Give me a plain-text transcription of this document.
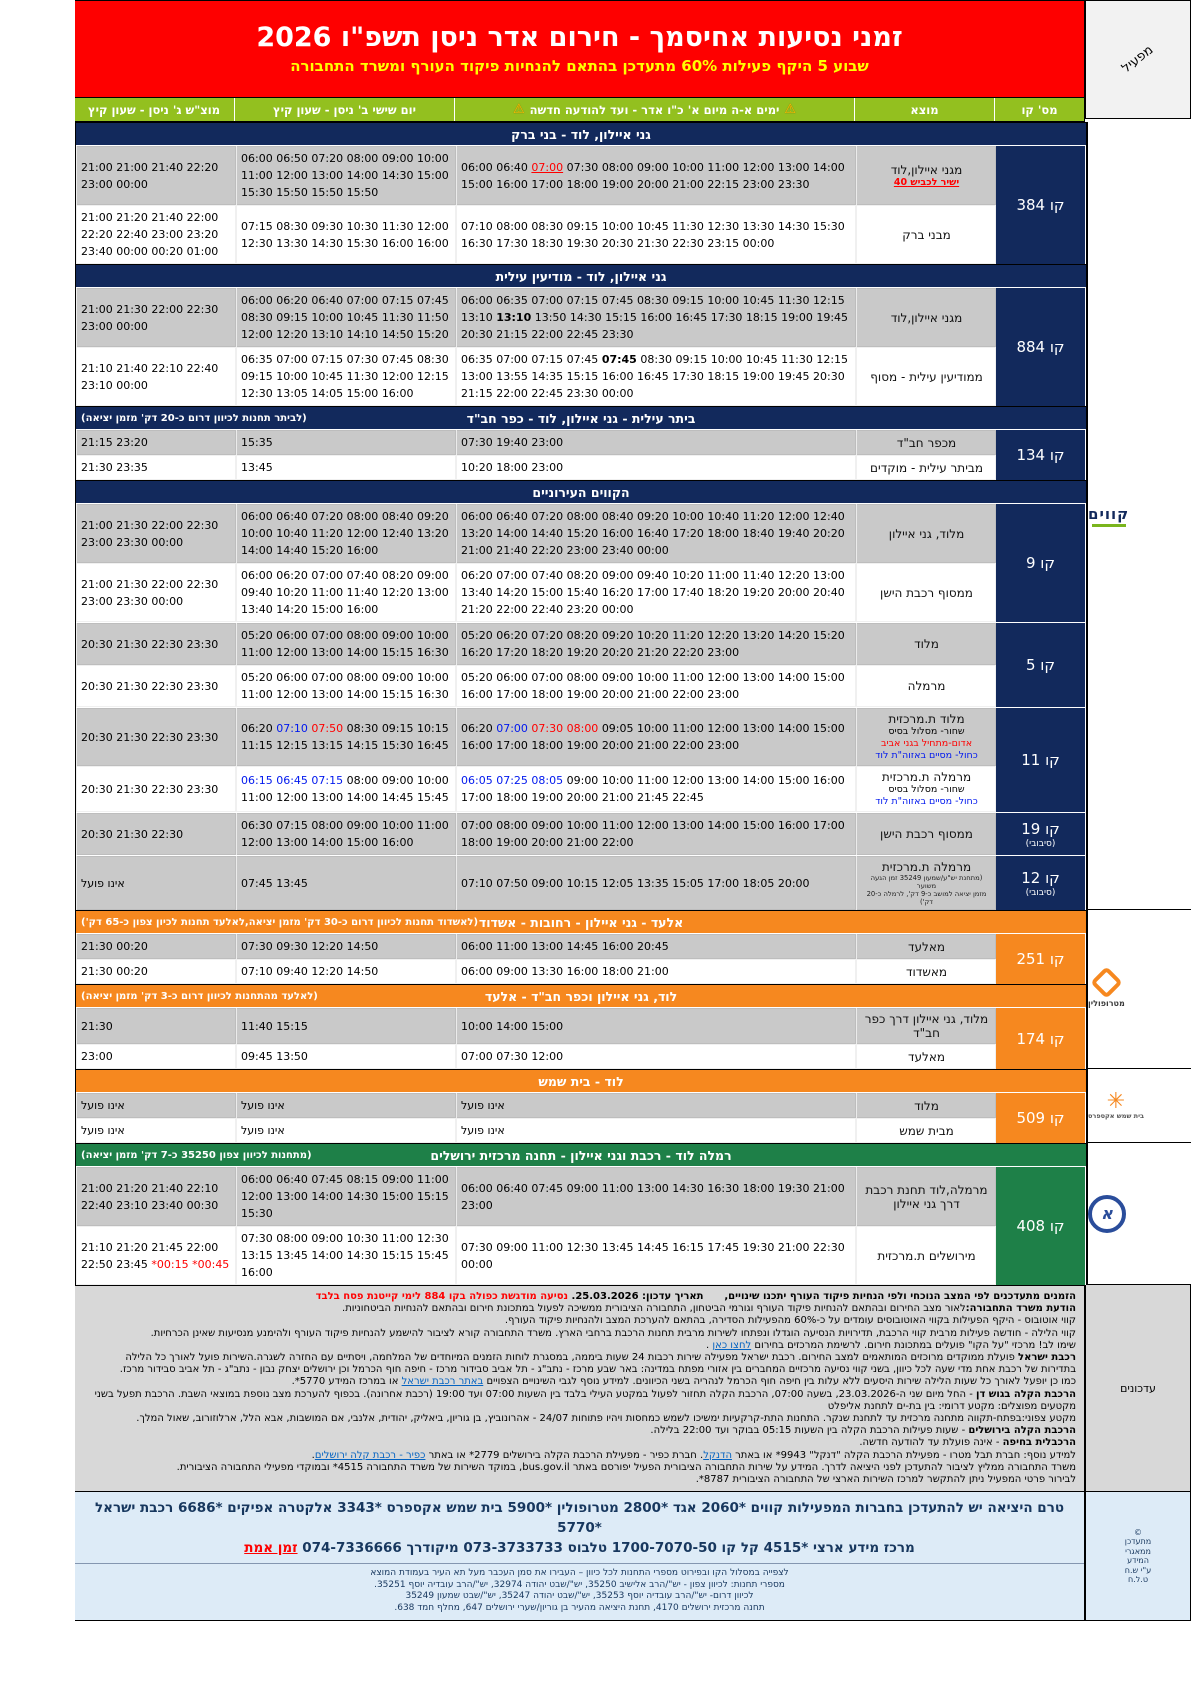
זמני נסיעות אחיסמך - חירום אדר ניסן תשפ"ו 2026
שבוע 5 היקף פעילות 60% מתעדכן בהתאם להנחיות פיקוד העורף ומשרד התחבורה
מס' קו
מוצא
⚠
ימים א-ה מיום א' כ"ו אדר - ועד להודעה חדשה
⚠
יום שישי ב' ניסן - שעון קיץ
מוצ"ש ג' ניסן - שעון קיץ
מפעיל
גני איילון, לוד - בני ברק
קו 384
מגני איילון,לוד
ישיר לכביש 40
06:00 06:40 07:00 07:30 08:00 09:00 10:00 11:00 12:00 13:00 14:00 15:00 16:00 17:00 18:00 19:00 20:00 21:00 22:15 23:00 23:30
06:00 06:50 07:20 08:00 09:00 10:00 11:00 12:00 13:00 14:00 14:30 15:00 15:30 15:50 15:50 15:50
21:00 21:00 21:40 22:20 23:00 00:00
מבני ברק
07:10 08:00 08:30 09:15 10:00 10:45 11:30 12:30 13:30 14:30 15:30 16:30 17:30 18:30 19:30 20:30 21:30 22:30 23:15 00:00
07:15 08:30 09:30 10:30 11:30 12:00 12:30 13:30 14:30 15:30 16:00 16:00
21:00 21:20 21:40 22:00 22:20 22:40 23:00 23:20 23:40 00:00 00:20 01:00
גני איילון, לוד - מודיעין עילית
קו 884
מגני איילון,לוד
06:00 06:35 07:00 07:15 07:45 08:30 09:15 10:00 10:45 11:30 12:15 13:10 13:10 13:50 14:30 15:15 16:00 16:45 17:30 18:15 19:00 19:45 20:30 21:15 22:00 22:45 23:30
06:00 06:20 06:40 07:00 07:15 07:45 08:30 09:15 10:00 10:45 11:30 11:50 12:00 12:20 13:10 14:10 14:50 15:20
21:00 21:30 22:00 22:30 23:00 00:00
ממודיעין עילית - מסוף
06:35 07:00 07:15 07:45 07:45 08:30 09:15 10:00 10:45 11:30 12:15 13:00 13:55 14:35 15:15 16:00 16:45 17:30 18:15 19:00 19:45 20:30 21:15 22:00 22:45 23:30 00:00
06:35 07:00 07:15 07:30 07:45 08:30 09:15 10:00 10:45 11:30 12:00 12:15 12:30 13:05 14:05 15:00 16:00
21:10 21:40 22:10 22:40 23:10 00:00
ביתר עילית - גני איילון, לוד - כפר חב"ד
(לביתר תחנות לכיוון דרום כ-20 דק' מזמן יציאה)
קו 134
מכפר חב"ד
07:30 19:40 23:00
15:35
21:15 23:20
מביתר עילית - מוקדים
10:20 18:00 23:00
13:45
21:30 23:35
הקווים העירוניים
קו 9
מלוד, גני איילון
06:00 06:40 07:20 08:00 08:40 09:20 10:00 10:40 11:20 12:00 12:40 13:20 14:00 14:40 15:20 16:00 16:40 17:20 18:00 18:40 19:40 20:20 21:00 21:40 22:20 23:00 23:40 00:00
06:00 06:40 07:20 08:00 08:40 09:20 10:00 10:40 11:20 12:00 12:40 13:20 14:00 14:40 15:20 16:00
21:00 21:30 22:00 22:30 23:00 23:30 00:00
ממסוף רכבת הישן
06:20 07:00 07:40 08:20 09:00 09:40 10:20 11:00 11:40 12:20 13:00 13:40 14:20 15:00 15:40 16:20 17:00 17:40 18:20 19:20 20:00 20:40 21:20 22:00 22:40 23:20 00:00
06:00 06:20 07:00 07:40 08:20 09:00 09:40 10:20 11:00 11:40 12:20 13:00 13:40 14:20 15:00 16:00
21:00 21:30 22:00 22:30 23:00 23:30 00:00
קו 5
מלוד
05:20 06:20 07:20 08:20 09:20 10:20 11:20 12:20 13:20 14:20 15:20 16:20 17:20 18:20 19:20 20:20 21:20 22:20 23:00
05:20 06:00 07:00 08:00 09:00 10:00 11:00 12:00 13:00 14:00 15:15 16:30
20:30 21:30 22:30 23:30
מרמלה
05:20 06:00 07:00 08:00 09:00 10:00 11:00 12:00 13:00 14:00 15:00 16:00 17:00 18:00 19:00 20:00 21:00 22:00 23:00
05:20 06:00 07:00 08:00 09:00 10:00 11:00 12:00 13:00 14:00 15:15 16:30
20:30 21:30 22:30 23:30
קו 11
מלוד ת.מרכזית
שחור- מסלול בסיס
אדום-מתחיל בגני אביב
כחול- מסיים באזוה"ת לוד
06:20 07:00 07:30 08:00 09:05 10:00 11:00 12:00 13:00 14:00 15:00 16:00 17:00 18:00 19:00 20:00 21:00 22:00 23:00
06:20 07:10 07:50 08:30 09:15 10:15 11:15 12:15 13:15 14:15 15:30 16:45
20:30 21:30 22:30 23:30
מרמלה ת.מרכזית
שחור- מסלול בסיס
כחול- מסיים באזוה"ת לוד
06:05 07:25 08:05 09:00 10:00 11:00 12:00 13:00 14:00 15:00 16:00 17:00 18:00 19:00 20:00 21:00 21:45 22:45
06:15 06:45 07:15 08:00 09:00 10:00 11:00 12:00 13:00 14:00 14:45 15:45
20:30 21:30 22:30 23:30
קו 19
(סיבובי)
ממסוף רכבת הישן
07:00 08:00 09:00 10:00 11:00 12:00 13:00 14:00 15:00 16:00 17:00 18:00 19:00 20:00 21:00 22:00
06:30 07:15 08:00 09:00 10:00 11:00 12:00 13:00 14:00 15:00 16:00
20:30 21:30 22:30
קו 12
(סיבובי)
מרמלה ת.מרכזית
(מתחנת יש"ע/שמעון 35249 זמן הגעה משוער
מזמן יציאה למושב כ-9 דק', לרמלה כ-20 דק')
07:10 07:50 09:00 10:15 12:05 13:35 15:05 17:00 18:05 20:00
07:45 13:45
אינו פועל
קווים
אלעד - גני איילון - רחובות - אשדוד
(לאשדוד תחנות לכיוון דרום כ-30 דק' מזמן יציאה,לאלעד תחנות לכיון צפון כ-65 דק')
קו 251
מאלעד
06:00 11:00 13:00 14:45 16:00 20:45
07:30 09:30 12:20 14:50
21:30 00:20
מאשדוד
06:00 09:00 13:30 16:00 18:00 21:00
07:10 09:40 12:20 14:50
21:30 00:20
לוד, גני איילון וכפר חב"ד - אלעד
(לאלעד מהתחנות לכיוון דרום כ-3 דק' מזמן יציאה)
קו 174
מלוד, גני איילון דרך כפר חב"ד
10:00 14:00 15:00
11:40 15:15
21:30
מאלעד
07:00 07:30 12:00
09:45 13:50
23:00
מטרופולין
לוד - בית שמש
קו 509
מלוד
אינו פועל
אינו פועל
אינו פועל
מבית שמש
אינו פועל
אינו פועל
אינו פועל
✳
בית שמש אקספרס
רמלה לוד - רכבת וגני איילון - תחנה מרכזית ירושלים
(מתחנות לכיוון צפון 35250 כ-7 דק' מזמן יציאה)
קו 408
מרמלה,לוד תחנת רכבת דרך גני איילון
06:00 06:40 07:45 09:00 11:00 13:00 14:30 16:30 18:00 19:30 21:00 23:00
06:00 06:40 07:45 08:15 09:00 11:00 12:00 13:00 14:00 14:30 15:00 15:15 15:30
21:00 21:20 21:40 22:10 22:40 23:10 23:40 00:30
מירושלים ת.מרכזית
07:30 09:00 11:00 12:30 13:45 14:45 16:15 17:45 19:30 21:00 22:30 00:00
07:30 08:00 09:00 10:30 11:00 12:30 13:15 13:45 14:00 14:30 15:15 15:45 16:00
21:10 21:20 21:45 22:00 22:50 23:45 *00:15 *00:45
א

הזמנים מתעדכנים לפי המצב הנוכחי ולפי הנחיות פיקוד העורף יתכנו שינויים,      תאריך עדכון: 25.03.2026. נסיעה מודגשת כפולה בקו 884 לימי קייטנת פסח בלבד

הודעת משרד התחבורה:לאור מצב החירום ובהתאם להנחיות פיקוד העורף וגורמי הביטחון, התחבורה הציבורית ממשיכה לפעול במתכונת חירום ובהתאם להנחיות הביטחוניות.

קווי אוטובוס - היקף הפעילות בקווי האוטובוסים עומדים על כ-60% מהפעילות הסדירה, בהתאם להערכת המצב ולהנחיות פיקוד העורף.

קווי הלילה - חודשה פעילות מרבית קווי הרכבת, תדירויות הנסיעה הוגדלו ונפתחו לשירות מרבית תחנות הרכבת ברחבי הארץ. משרד התחבורה קורא לציבור להישמע להנחיות פיקוד העורף ולהימנע מנסיעות שאינן הכרחיות.

שימו לב! מרכזי "על הקו" פועלים במתכונת חירום. לרשימת המרכזים בחירום לחצו כאן .

רכבת ישראל פועלת ממוקדים מרוכזים המותאמים למצב החירום. רכבת ישראל מפעילה שירות רכבות 24 שעות ביממה, במסגרת לוחות הזמנים המיוחדים של המלחמה, ויסתיים עם החזרה לשגרה.השירות פועל לאורך כל הלילה

בתדירות של רכבת אחת מדי שעה לכל כיוון, בשני קווי נסיעה מרכזיים המחברים בין אזורי מפתח במדינה: באר שבע מרכז - נתב"ג - תל אביב סבידור מרכז - חיפה חוף הכרמל וכן ירושלים יצחק נבון - נתב"ג - תל אביב סבידור מרכז.

כמו כן יופעל לאורך כל שעות הלילה שירות היסעים ללא עלות בין חיפה חוף הכרמל לנהריה בשני הכיוונים. למידע נוסף לגבי השינויים הצפויים באתר רכבת ישראל או במרכז המידע 5770*.

הרכבת הקלה בגוש דן - החל מיום שני ה-23.03.2026, בשעה 07:00, הרכבת הקלה תחזור לפעול במקטע העילי בלבד בין השעות 07:00 ועד 19:00 (רכבת אחרונה). בכפוף להערכת מצב נוספת במוצאי השבת. הרכבת תפעל בשני

מקטעים מפוצלים: מקטע דרומי: בין בת-ים לתחנת אליפלט

מקטע צפוני:בפתח-תקווה מתחנה מרכזית עד לתחנת שנקר. התחנות התת-קרקעיות ימשיכו לשמש כמחסות ויהיו פתוחות 24/07 - אהרונוביץ, בן גוריון, ביאליק, יהודית, אלנבי, אם המושבות, אבא הלל, ארלוזורוב, שאול המלך.

הרכבת הקלה בירושלים - שעות פעילות הרכבת הקלה בין השעות 05:15 בבוקר ועד 22:00 בלילה.

הרכבלית בחיפה - אינה פועלת עד להודעה חדשה.

למידע נוסף: חברת תבל מטרו - מפעילת הרכבת הקלה "דנקל" 9943* או באתר הדנקל. חברת כפיר - מפעילת הרכבת הקלה בירושלים 2779* או באתר כפיר - רכבת קלה ירושלים.

משרד התחבורה ממליץ לציבור להתעדכן לפני היציאה לדרך. המידע על שירות התחבורה הציבורית הפעיל יפורסם באתר bus.gov.il, במוקד השירות של משרד התחבורה 4515* ובמוקדי מפעילי התחבורה הציבורית.

לבירור פרטי המפעיל ניתן להתקשר למרכז השירות הארצי של התחבורה הציבורית 8787*.

עדכונים
טרם היציאה יש להתעדכן בחברות המפעילות קווים *2060 אגד *2800 מטרופולין *5900 בית שמש אקספרס *3343 אלקטרה אפיקים *6686 רכבת ישראל *5770
מרכז מידע ארצי *4515 קל קו 1700-7070-50 טלבוס 073-3733733 מיקודרך 074-7336666 זמן אמת
לצפייה במסלול הקו ובפירוט מספרי התחנות לכל כיוון – העבירו את סמן העכבר מעל תא העיר בעמודת המוצא
מספרי תחנות: לכיוון צפון - יש"/הרב אלישיב 35250, יש"/שבט יהודה 32974, יש"/הרב עובדיה יוסף 35251.
לכיוון דרום- יש"/הרב עובדיה יוסף 35253, יש"/שבט יהודה 35247, יש"/שבט שמעון 35249
תחנה מרכזית ירושלים 4170, תחנת היציאה מהעיר בן גוריון/שערי ירושלים 647, מחלף חמד 638.
©
מתעדכן
ממאגרי
המידע
ע"י ש.ח
ט.ל.ח
